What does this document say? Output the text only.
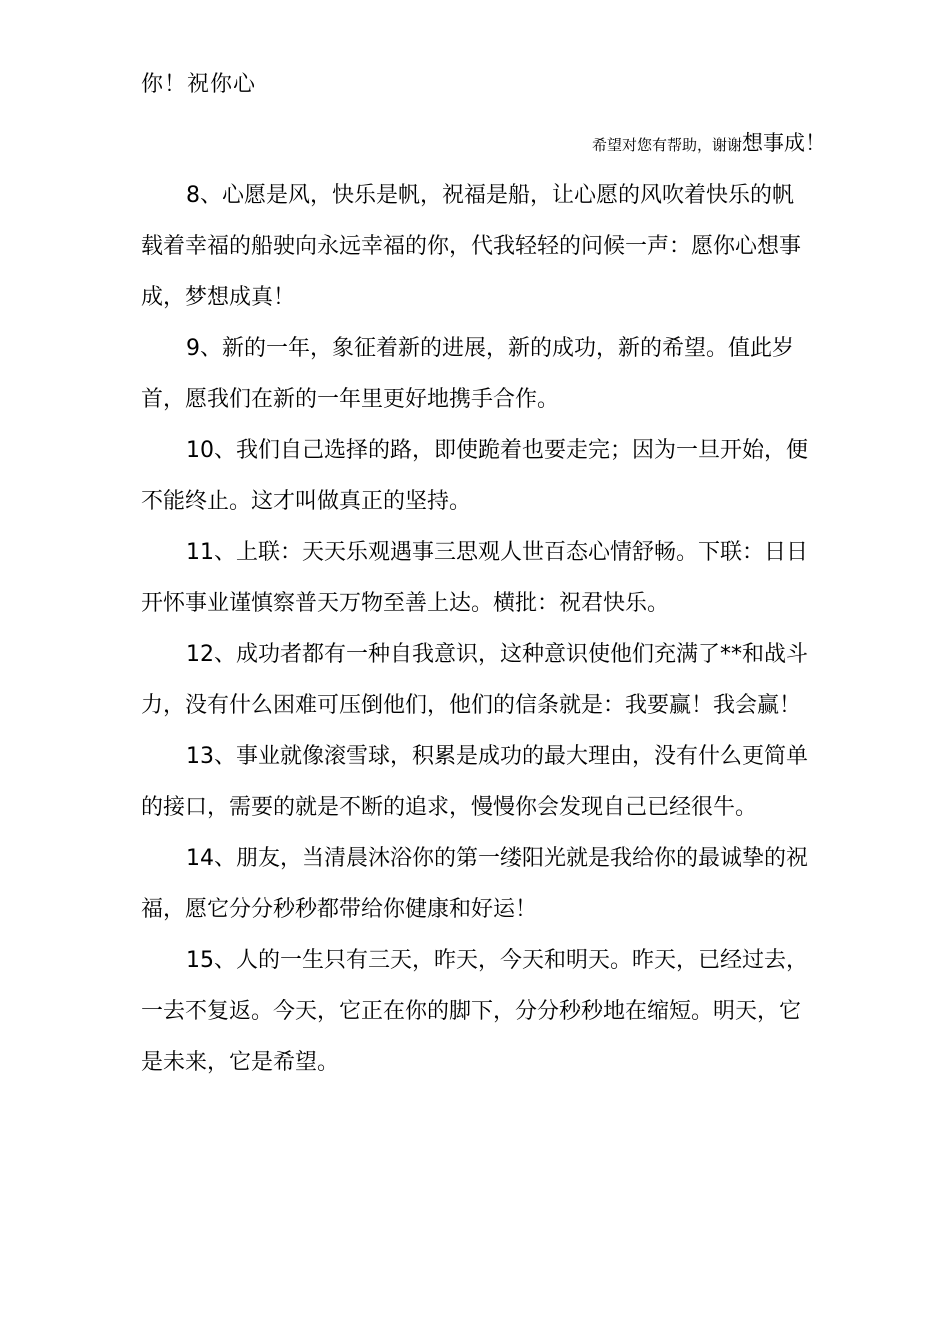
你！祝你心
希望对您有帮助，谢谢想事成！

8、心愿是风，快乐是帆，祝福是船，让心愿的风吹着快乐的帆载着幸福的船驶向永远幸福的你，代我轻轻的问候一声：愿你心想事成，梦想成真！

9、新的一年，象征着新的进展，新的成功，新的希望。值此岁首，愿我们在新的一年里更好地携手合作。

10、我们自己选择的路，即使跪着也要走完；因为一旦开始，便不能终止。这才叫做真正的坚持。

11、上联：天天乐观遇事三思观人世百态心情舒畅。下联：日日开怀事业谨慎察普天万物至善上达。横批：祝君快乐。

12、成功者都有一种自我意识，这种意识使他们充满了**和战斗力，没有什么困难可压倒他们，他们的信条就是：我要赢！我会赢！

13、事业就像滚雪球，积累是成功的最大理由，没有什么更简单的接口，需要的就是不断的追求，慢慢你会发现自己已经很牛。

14、朋友，当清晨沐浴你的第一缕阳光就是我给你的最诚挚的祝福，愿它分分秒秒都带给你健康和好运！

15、人的一生只有三天，昨天，今天和明天。昨天，已经过去，一去不复返。今天，它正在你的脚下，分分秒秒地在缩短。明天，它是未来，它是希望。
